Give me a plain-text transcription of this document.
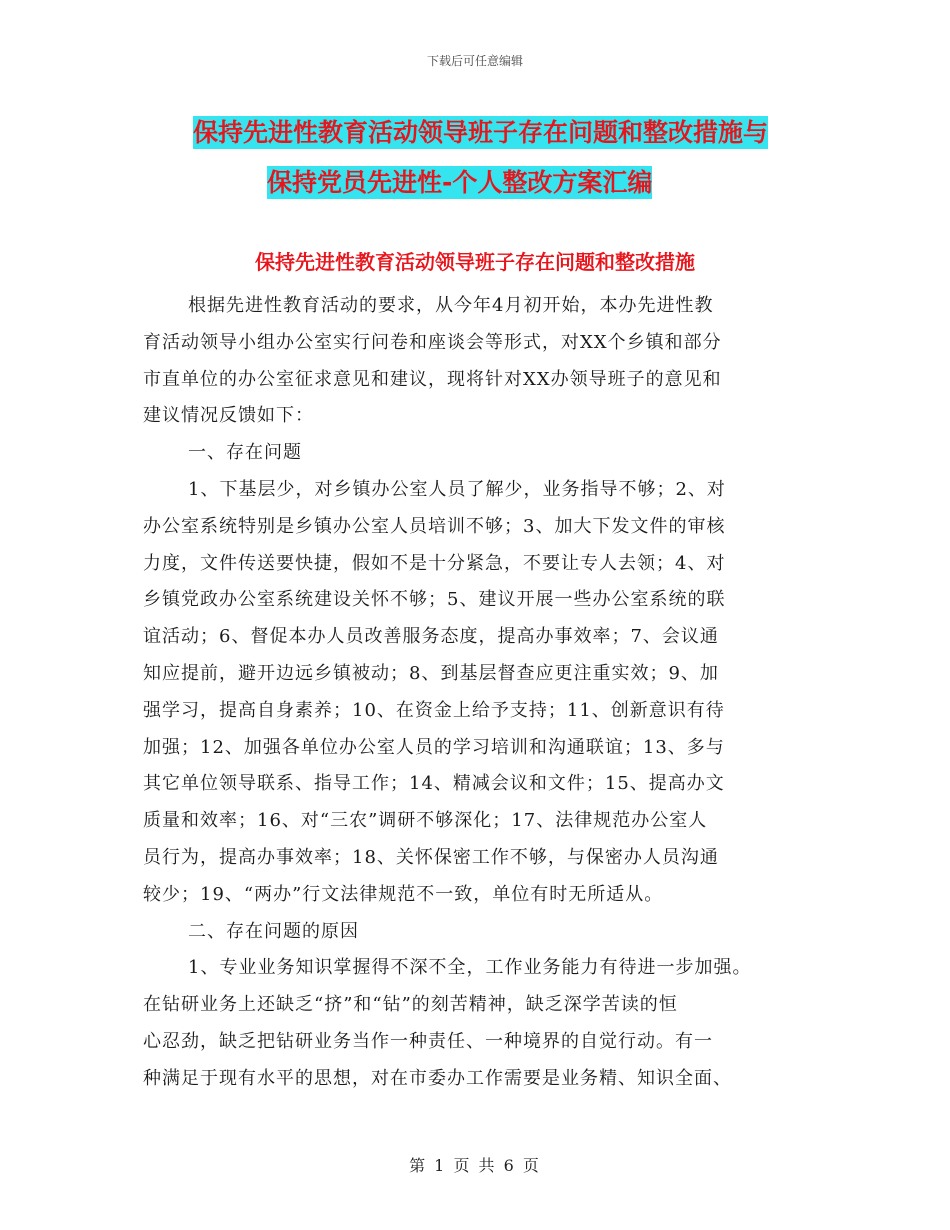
下载后可任意编辑
保持先进性教育活动领导班子存在问题和整改措施与
保持党员先进性-个人整改方案汇编
保持先进性教育活动领导班子存在问题和整改措施
根据先进性教育活动的要求，从今年4月初开始，本办先进性教
育活动领导小组办公室实行问卷和座谈会等形式，对XX个乡镇和部分
市直单位的办公室征求意见和建议，现将针对XX办领导班子的意见和
建议情况反馈如下：
一、存在问题
1、下基层少，对乡镇办公室人员了解少，业务指导不够；2、对
办公室系统特别是乡镇办公室人员培训不够；3、加大下发文件的审核
力度，文件传送要快捷，假如不是十分紧急，不要让专人去领；4、对
乡镇党政办公室系统建设关怀不够；5、建议开展一些办公室系统的联
谊活动；6、督促本办人员改善服务态度，提高办事效率；7、会议通
知应提前，避开边远乡镇被动；8、到基层督查应更注重实效；9、加
强学习，提高自身素养；10、在资金上给予支持；11、创新意识有待
加强；12、加强各单位办公室人员的学习培训和沟通联谊；13、多与
其它单位领导联系、指导工作；14、精减会议和文件；15、提高办文
质量和效率；16、对“三农”调研不够深化；17、法律规范办公室人
员行为，提高办事效率；18、关怀保密工作不够，与保密办人员沟通
较少；19、“两办”行文法律规范不一致，单位有时无所适从。
二、存在问题的原因
1、专业业务知识掌握得不深不全，工作业务能力有待进一步加强。
在钻研业务上还缺乏“挤”和“钻”的刻苦精神，缺乏深学苦读的恒
心忍劲，缺乏把钻研业务当作一种责任、一种境界的自觉行动。有一
种满足于现有水平的思想，对在市委办工作需要是业务精、知识全面、
第 1 页 共 6 页
